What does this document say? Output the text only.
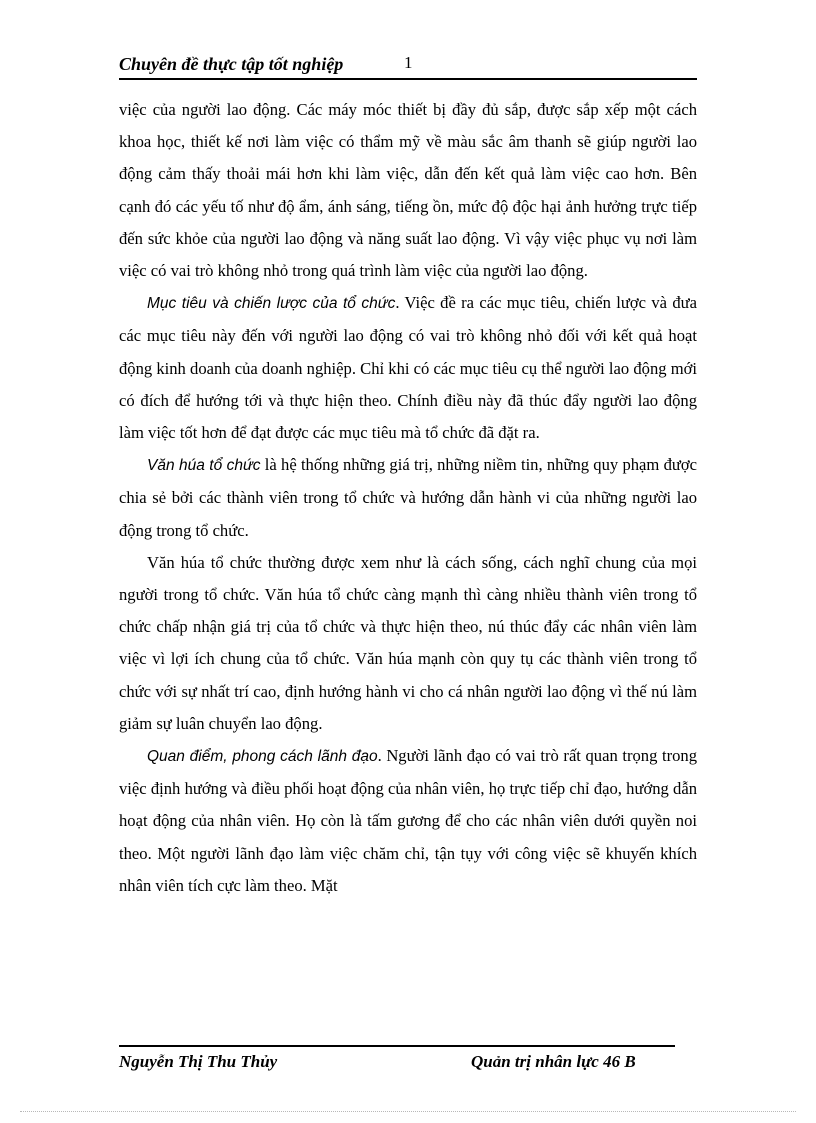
Chuyên đề thực tập tốt nghiệp	1

việc của người lao động. Các máy móc thiết bị đầy đủ sắp, được sắp xếp một cách khoa học, thiết kế nơi làm việc có thẩm mỹ về màu sắc âm thanh sẽ giúp người lao động cảm thấy thoải mái hơn khi làm việc, dẫn đến kết quả làm việc cao hơn. Bên cạnh đó các yếu tố như độ ẩm, ánh sáng, tiếng ồn, mức độ độc hại ảnh hưởng trực tiếp đến sức khỏe của người lao động và năng suất lao động. Vì vậy việc phục vụ nơi làm việc có vai trò không nhỏ trong quá trình làm việc của người lao động.

Mục tiêu và chiến lược của tổ chức. Việc đề ra các mục tiêu, chiến lược và đưa các mục tiêu này đến với người lao động có vai trò không nhỏ đối với kết quả hoạt động kinh doanh của doanh nghiệp. Chỉ khi có các mục tiêu cụ thể người lao động mới có đích để hướng tới và thực hiện theo. Chính điều này đã thúc đẩy người lao động làm việc tốt hơn để đạt được các mục tiêu mà tổ chức đã đặt ra.

Văn húa tổ chức là hệ thống những giá trị, những niềm tin, những quy phạm được chia sẻ bởi các thành viên trong tổ chức và hướng dẫn hành vi của những người lao động trong tổ chức.

Văn húa tổ chức thường được xem như là cách sống, cách nghĩ chung của mọi người trong tổ chức. Văn húa tổ chức càng mạnh thì càng nhiều thành viên trong tổ chức chấp nhận giá trị của tổ chức và thực hiện theo, nú thúc đẩy các nhân viên làm việc vì lợi ích chung của tổ chức. Văn húa mạnh còn quy tụ các thành viên trong tổ chức với sự nhất trí cao, định hướng hành vi cho cá nhân người lao động vì thế nú làm giảm sự luân chuyển lao động.

Quan điểm, phong cách lãnh đạo. Người lãnh đạo có vai trò rất quan trọng trong việc định hướng và điều phối hoạt động của nhân viên, họ trực tiếp chỉ đạo, hướng dẫn hoạt động của nhân viên. Họ còn là tấm gương để cho các nhân viên dưới quyền noi theo. Một người lãnh đạo làm việc chăm chỉ, tận tụy với công việc sẽ khuyến khích nhân viên tích cực làm theo. Mặt

Nguyễn Thị Thu Thủy	Quản trị nhân lực 46 B
